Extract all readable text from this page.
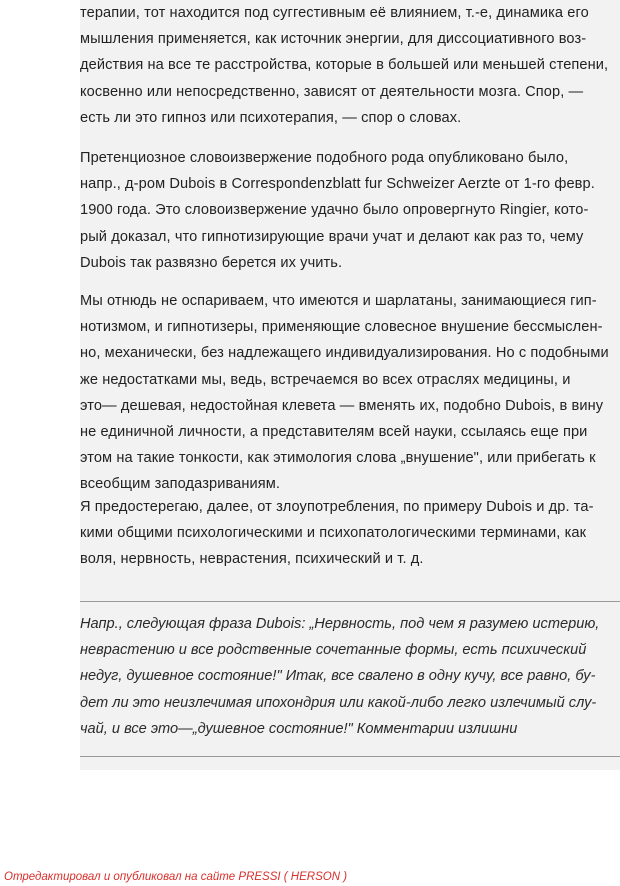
терапии, тот находится под суггестивным её влиянием, т.-е, динамика его
мышления применяется, как источник энергии, для диссоциативного воз-
действия на все те расстройства, которые в большей или меньшей степени,
косвенно или непосредственно, зависят от деятельности мозга. Спор, —
есть ли это гипноз или психотерапия, — спор о словах.

Претенциозное словоизвержение подобного рода опубликовано было,
напр., д-ром Dubois в Correspondenzblatt fur Schweizer Aerzte от 1-го февр.
1900 года. Это словоизвержение удачно было опровергнуто Ringier, кото-
рый доказал, что гипнотизирующие врачи учат и делают как раз то, чему
Dubois так развязно берется их учить.

Мы отнюдь не оспариваем, что имеются и шарлатаны, занимающиеся гип-
нотизмом, и гипнотизеры, применяющие словесное внушение бессмыслен-
но, механически, без надлежащего индивидуализирования. Но с подобными
же недостатками мы, ведь, встречаемся во всех отраслях медицины, и
это— дешевая, недостойная клевета — вменять их, подобно Dubois, в вину
не единичной личности, а представителям всей науки, ссылаясь еще при
этом на такие тонкости, как этимология слова „внушение", или прибегать к
всеобщим заподазриваниям.

Я предостерегаю, далее, от злоупотребления, по примеру Dubois и др. та-
кими общими психологическими и психопатологическими терминами, как
воля, нервность, неврастения, психический и т. д.

Напр., следующая фраза Dubois: „Нервность, под чем я разумею истерию,
неврастению и все родственные сочетанные формы, есть психический
недуг, душевное состояние!" Итак, все свалено в одну кучу, все равно, бу-
дет ли это неизлечимая ипохондрия или какой-либо легко излечимый слу-
чай, и все это—„душевное состояние!" Комментарии излишни

Отредактировал и опубликовал на сайте PRESSI ( HERSON )
